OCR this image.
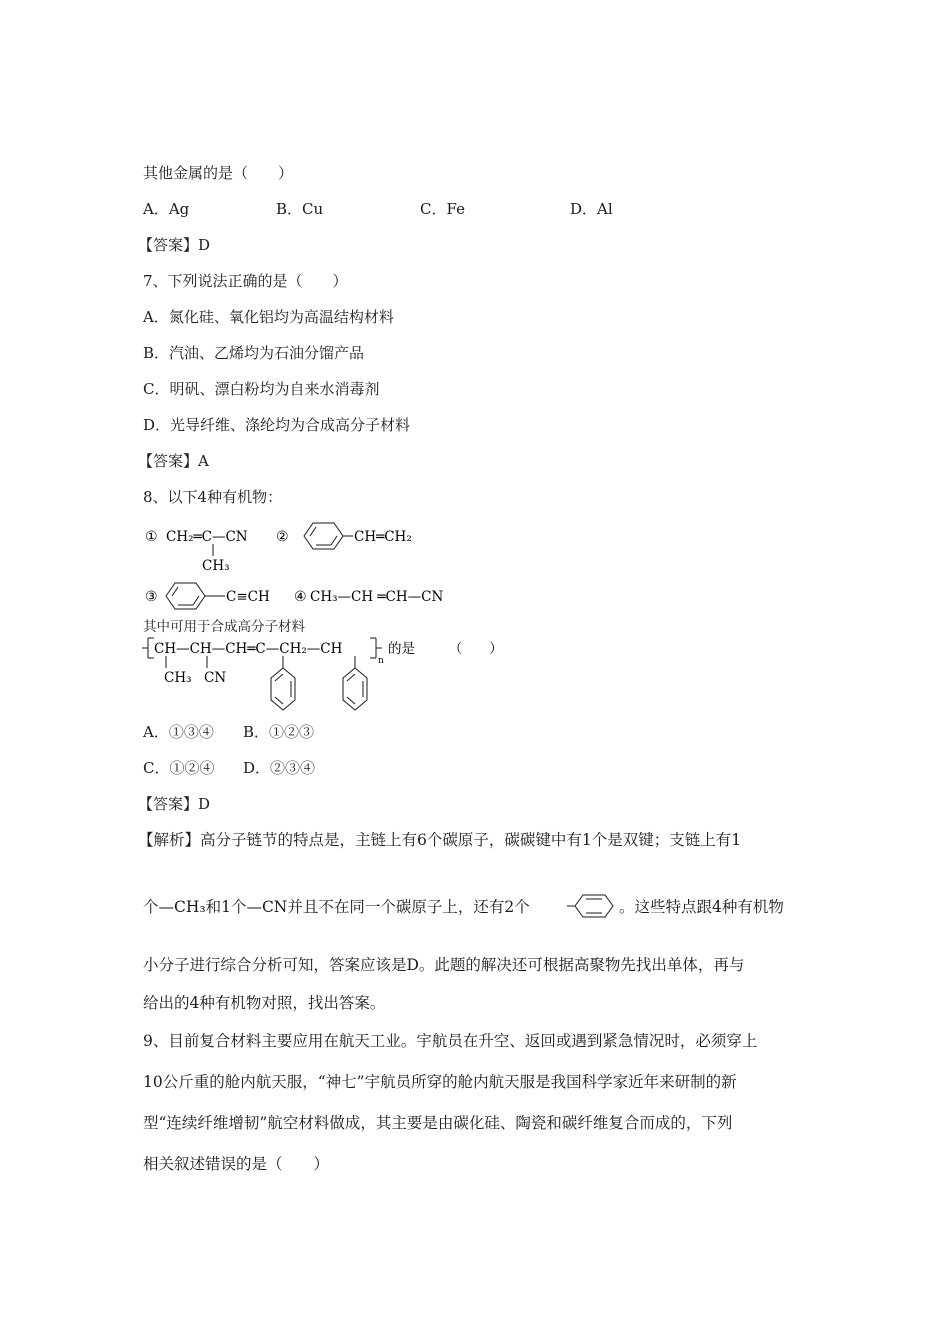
其他金属的是（　　）
A．Ag	B．Cu	C．Fe	D．Al
【答案】D
7、下列说法正确的是（　　）
A．氮化硅、氧化铝均为高温结构材料
B．汽油、乙烯均为石油分馏产品
C．明矾、漂白粉均为自来水消毒剂
D．光导纤维、涤纶均为合成高分子材料
【答案】A
8、以下4种有机物：
① CH₂═C—CN
CH₃
②	CH═CH₂
③	C≡CH ④ CH₃—CH ═CH—CN
其中可用于合成高分子材料
CH—CH—CH═C—CH₂—CH
n
的是　　　（　　）
CH₃ CN
A．①③④ B．①②③
C．①②④ D．②③④
【答案】D
【解析】高分子链节的特点是，主链上有6个碳原子，碳碳键中有1个是双键；支链上有1
个—CH₃和1个—CN并且不在同一个碳原子上，还有2个	。这些特点跟4种有机物
小分子进行综合分析可知，答案应该是D。此题的解决还可根据高聚物先找出单体，再与
给出的4种有机物对照，找出答案。
9、目前复合材料主要应用在航天工业。宇航员在升空、返回或遇到紧急情况时，必须穿上
10公斤重的舱内航天服，“神七”宇航员所穿的舱内航天服是我国科学家近年来研制的新
型“连续纤维增韧”航空材料做成，其主要是由碳化硅、陶瓷和碳纤维复合而成的，下列
相关叙述错误的是（　　）
